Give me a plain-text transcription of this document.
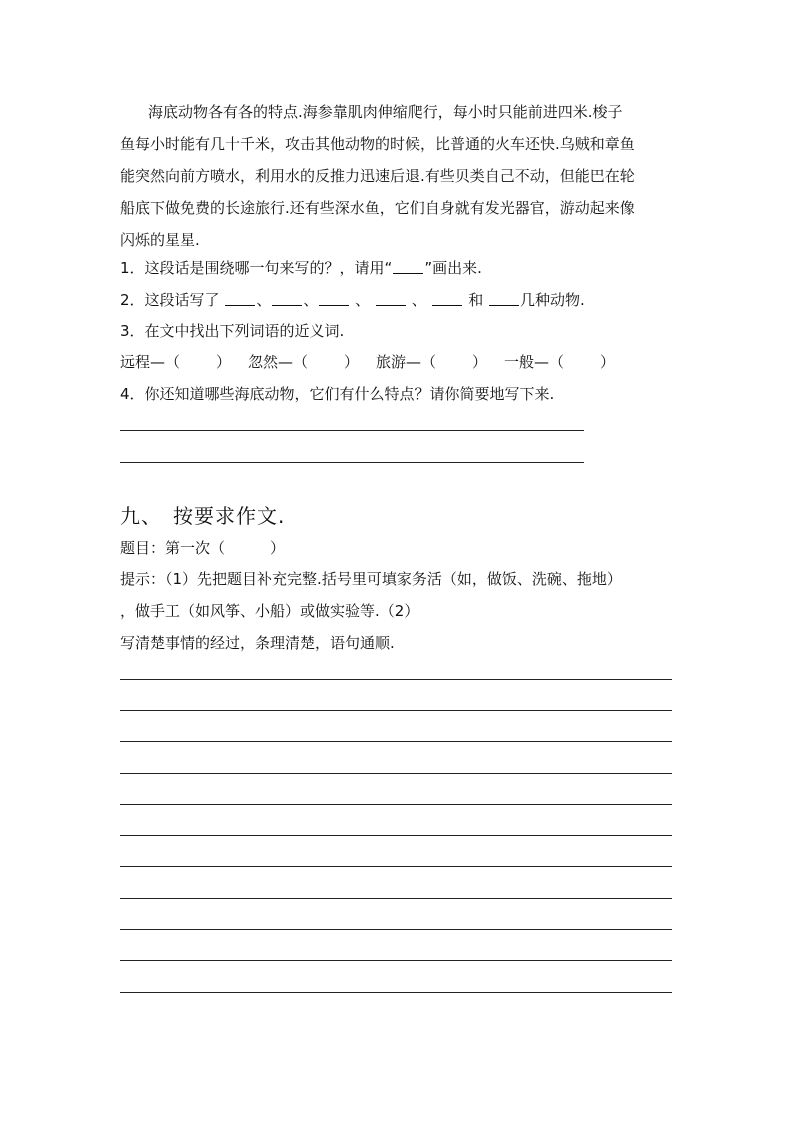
海底动物各有各的特点.海参靠肌肉伸缩爬行，每小时只能前进四米.梭子
鱼每小时能有几十千米，攻击其他动物的时候，比普通的火车还快.乌贼和章鱼
能突然向前方喷水，利用水的反推力迅速后退.有些贝类自己不动，但能巴在轮
船底下做免费的长途旅行.还有些深水鱼，它们自身就有发光器官，游动起来像
闪烁的星星.
1．这段话是围绕哪一句来写的？，请用“ ”画出来.
2．这段话写了 、 、 、  、  和 几种动物.
3．在文中找出下列词语的近义词.
远程—（ ） 忽然—（ ） 旅游—（ ） 一般—（ ）
4．你还知道哪些海底动物，它们有什么特点？请你简要地写下来.
九、　按要求作文.
题目：第一次（　　　）
提示：（1）先把题目补充完整.括号里可填家务活（如，做饭、洗碗、拖地）
，做手工（如风筝、小船）或做实验等.（2）
写清楚事情的经过，条理清楚，语句通顺.
